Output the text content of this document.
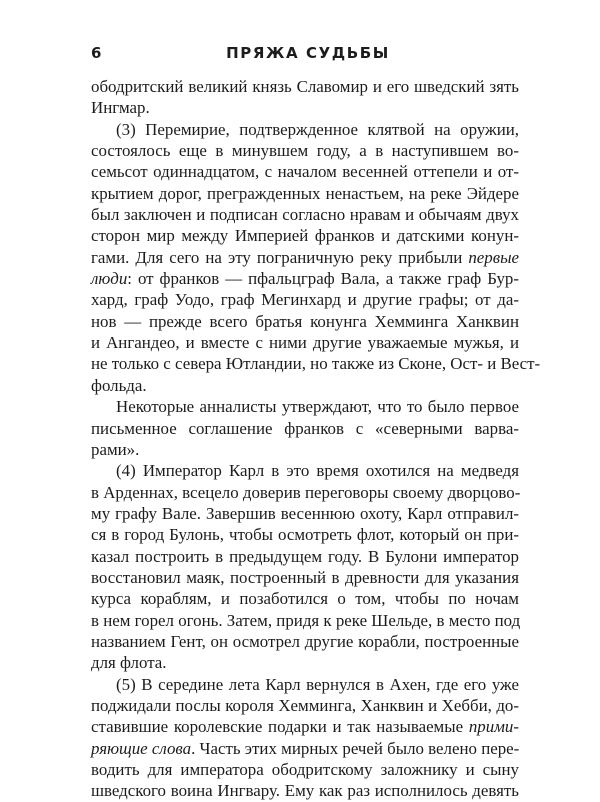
6	ПРЯЖА СУДЬБЫ
ободритский великий князь Славомир и его шведский зять
Ингмар.
(3) Перемирие, подтвержденное клятвой на оружии,
состоялось еще в минувшем году, а в наступившем во-
семьсот одиннадцатом, с началом весенней оттепели и от-
крытием дорог, прегражденных ненастьем, на реке Эйдере
был заключен и подписан согласно нравам и обычаям двух
сторон мир между Империей франков и датскими конун-
гами. Для сего на эту пограничную реку прибыли первые
люди: от франков — пфальцграф Вала, а также граф Бур-
хард, граф Уодо, граф Мегинхард и другие графы; от да-
нов — прежде всего братья конунга Хемминга Ханквин
и Ангандео, и вместе с ними другие уважаемые мужья, и
не только с севера Ютландии, но также из Сконе, Ост- и Вест-
фольда.
Некоторые анналисты утверждают, что то было первое
письменное соглашение франков с «северными варва-
рами».
(4) Император Карл в это время охотился на медведя
в Арденнах, всецело доверив переговоры своему дворцово-
му графу Вале. Завершив весеннюю охоту, Карл отправил-
ся в город Булонь, чтобы осмотреть флот, который он при-
казал построить в предыдущем году. В Булони император
восстановил маяк, построенный в древности для указания
курса кораблям, и позаботился о том, чтобы по ночам
в нем горел огонь. Затем, придя к реке Шельде, в место под
названием Гент, он осмотрел другие корабли, построенные
для флота.
(5) В середине лета Карл вернулся в Ахен, где его уже
поджидали послы короля Хемминга, Ханквин и Хебби, до-
ставившие королевские подарки и так называемые прими-
ряющие слова. Часть этих мирных речей было велено пере-
водить для императора ободритскому заложнику и сыну
шведского воина Ингвару. Ему как раз исполнилось девять
